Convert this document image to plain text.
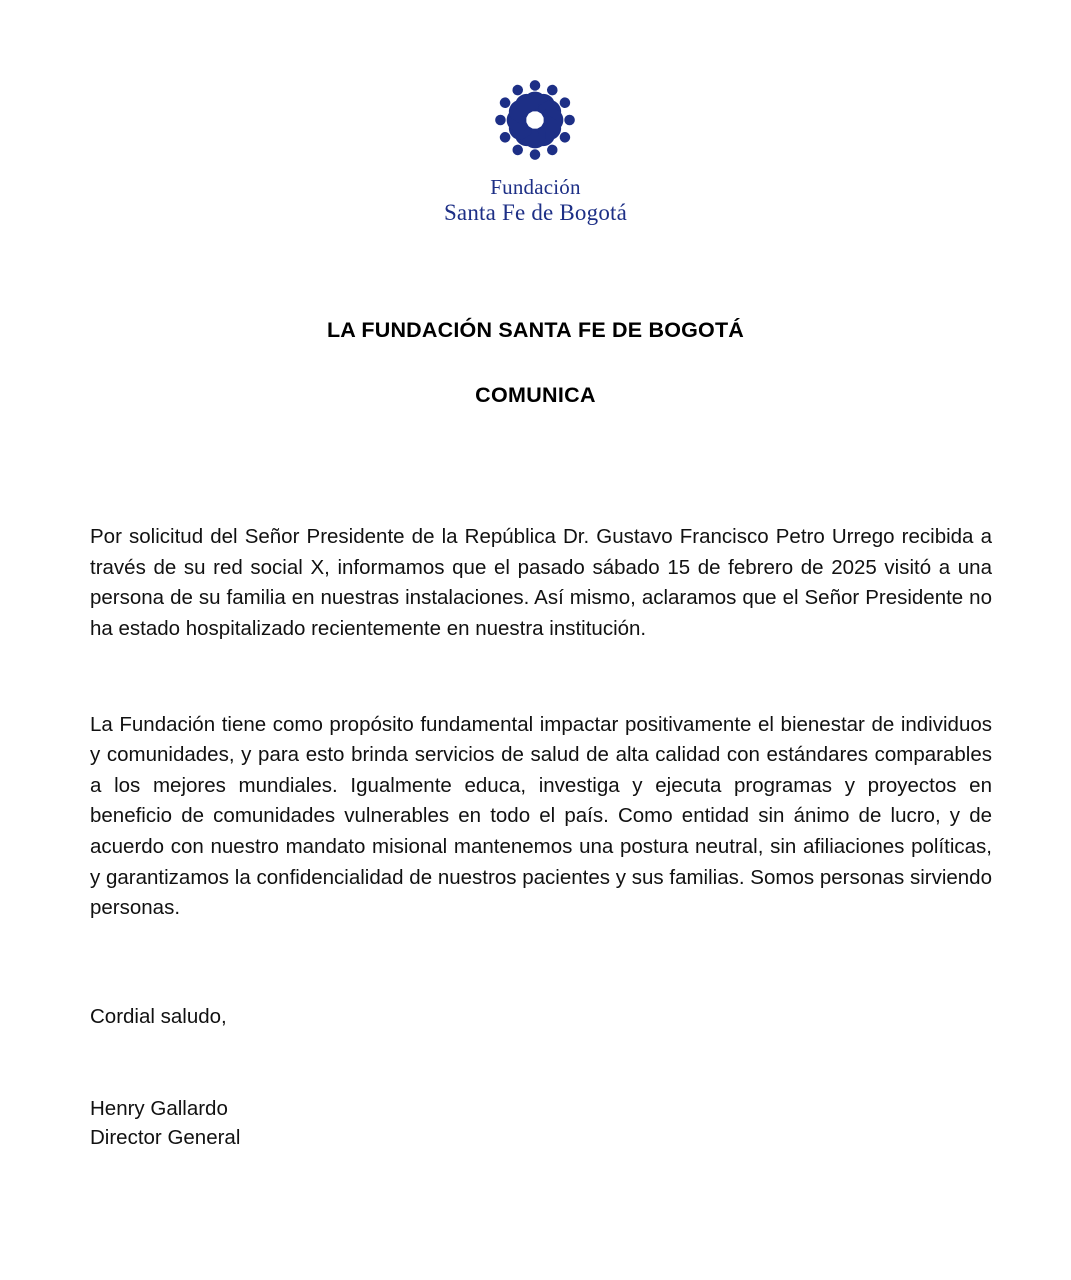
Fundación
Santa Fe de Bogotá
LA FUNDACIÓN SANTA FE DE BOGOTÁ
COMUNICA

Por solicitud del Señor Presidente de la República Dr. Gustavo Francisco Petro Urrego recibida a través de su red social X, informamos que el pasado sábado 15 de febrero de 2025 visitó a una persona de su familia en nuestras instalaciones. Así mismo, aclaramos que el Señor Presidente no ha estado hospitalizado recientemente en nuestra institución.

La Fundación tiene como propósito fundamental impactar positivamente el bienestar de individuos y comunidades, y para esto brinda servicios de salud de alta calidad con estándares comparables a los mejores mundiales. Igualmente educa, investiga y ejecuta programas y proyectos en beneficio de comunidades vulnerables en todo el país. Como entidad sin ánimo de lucro, y de acuerdo con nuestro mandato misional mantenemos una postura neutral, sin afiliaciones políticas, y garantizamos la confidencialidad de nuestros pacientes y sus familias. Somos personas sirviendo personas.

Cordial saludo,

Henry Gallardo
Director General
